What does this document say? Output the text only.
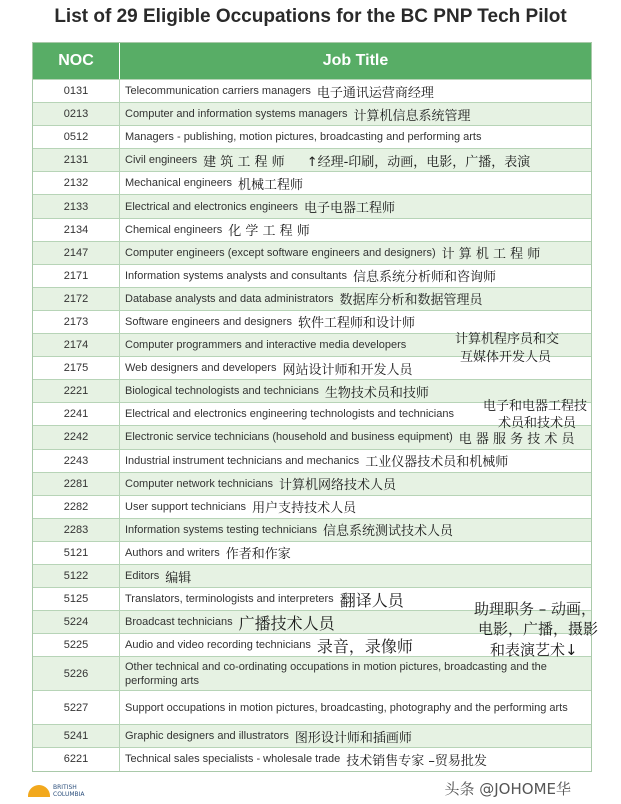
List of 29 Eligible Occupations for the BC PNP Tech Pilot
NOC	Job Title
0131	Telecommunication carriers managers 电子通讯运营商经理
0213	Computer and information systems managers 计算机信息系统管理
0512	Managers - publishing, motion pictures, broadcasting and performing arts
2131	Civil engineers 建 筑 工 程 师 ↑经理-印刷，动画，电影，广播，表演
2132	Mechanical engineers 机械工程师
2133	Electrical and electronics engineers 电子电器工程师
2134	Chemical engineers 化 学 工 程 师
2147	Computer engineers (except software engineers and designers) 计 算 机 工 程 师
2171	Information systems analysts and consultants 信息系统分析师和咨询师
2172	Database analysts and data administrators 数据库分析和数据管理员
2173	Software engineers and designers 软件工程师和设计师
2174	Computer programmers and interactive media developers
2175	Web designers and developers 网站设计师和开发人员
2221	Biological technologists and technicians 生物技术员和技师
2241	Electrical and electronics engineering technologists and technicians
2242	Electronic service technicians (household and business equipment) 电 器 服 务 技 术 员
2243	Industrial instrument technicians and mechanics 工业仪器技术员和机械师
2281	Computer network technicians 计算机网络技术人员
2282	User support technicians 用户支持技术人员
2283	Information systems testing technicians 信息系统测试技术人员
5121	Authors and writers 作者和作家
5122	Editors 编辑
5125	Translators, terminologists and interpreters 翻译人员
5224	Broadcast technicians 广播技术人员
5225	Audio and video recording technicians 录音，录像师
5226
Other technical and co-ordinating occupations in motion pictures, broadcasting and the performing arts
5227	Support occupations in motion pictures, broadcasting, photography and the performing arts
5241	Graphic designers and illustrators 图形设计师和插画师
6221	Technical sales specialists - wholesale trade 技术销售专家 –贸易批发
计算机程序员和交
互媒体开发人员
电子和电器工程技
术员和技术员
助理职务 – 动画，
电影，广播，摄影
和表演艺术↓
BRITISH
COLUMBIA	头条 @JOHOME华
